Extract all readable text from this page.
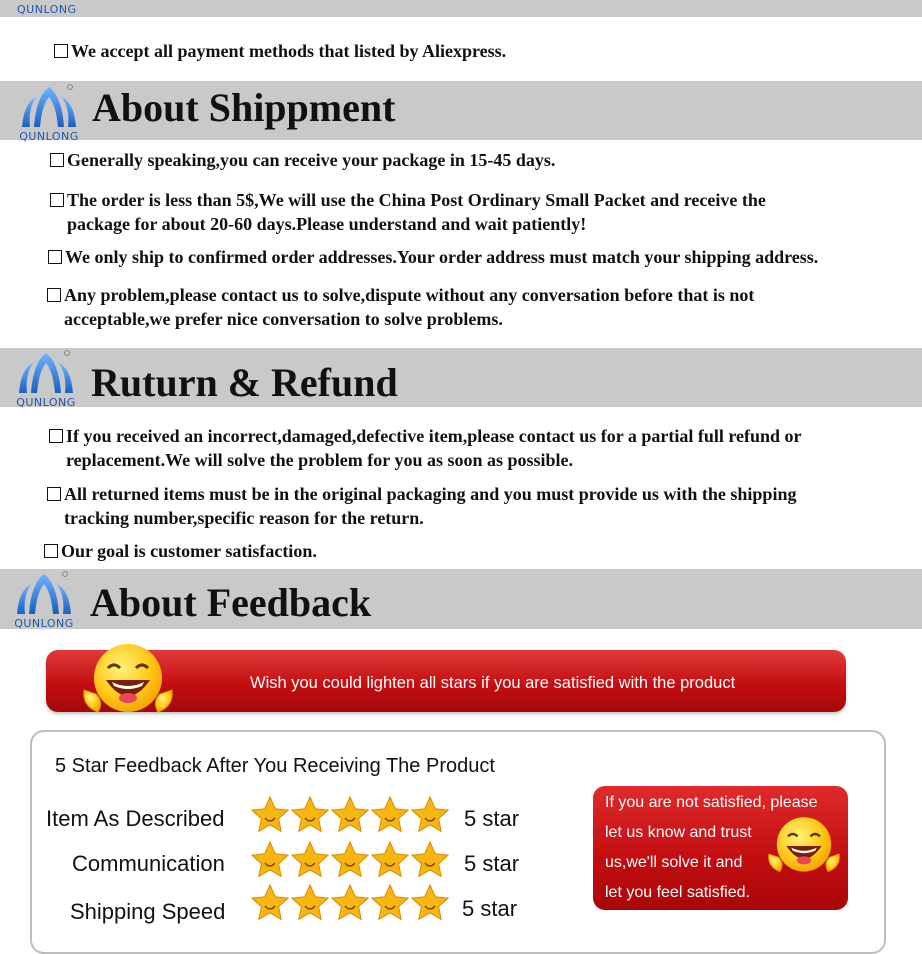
QUNLONG
We accept all payment methods that listed by Aliexpress.
QUNLONG
About Shippment
Generally speaking,you can receive your package in 15-45 days.
The order is less than 5$,We will use the China Post Ordinary Small Packet and receive the
package for about 20-60 days.Please understand and wait patiently!
We only ship to confirmed order addresses.Your order address must match your shipping address.
Any problem,please contact us to solve,dispute without any conversation before that is not
acceptable,we prefer nice conversation to solve problems.
QUNLONG Ruturn & Refund
If you received an incorrect,damaged,defective item,please contact us for a partial full refund or
replacement.We will solve the problem for you as soon as possible.
All returned items must be in the original packaging and you must provide us with the shipping
tracking number,specific reason for the return.
Our goal is customer satisfaction.
QUNLONG About Feedback
Wish you could lighten all stars if you are satisfied with the product
5 Star Feedback After You Receiving The Product
Item As Described	5 star
Communication	5 star
Shipping Speed	5 star
If you are not satisfied, please
let us know and trust
us,we'll solve it and
let you feel satisfied.
